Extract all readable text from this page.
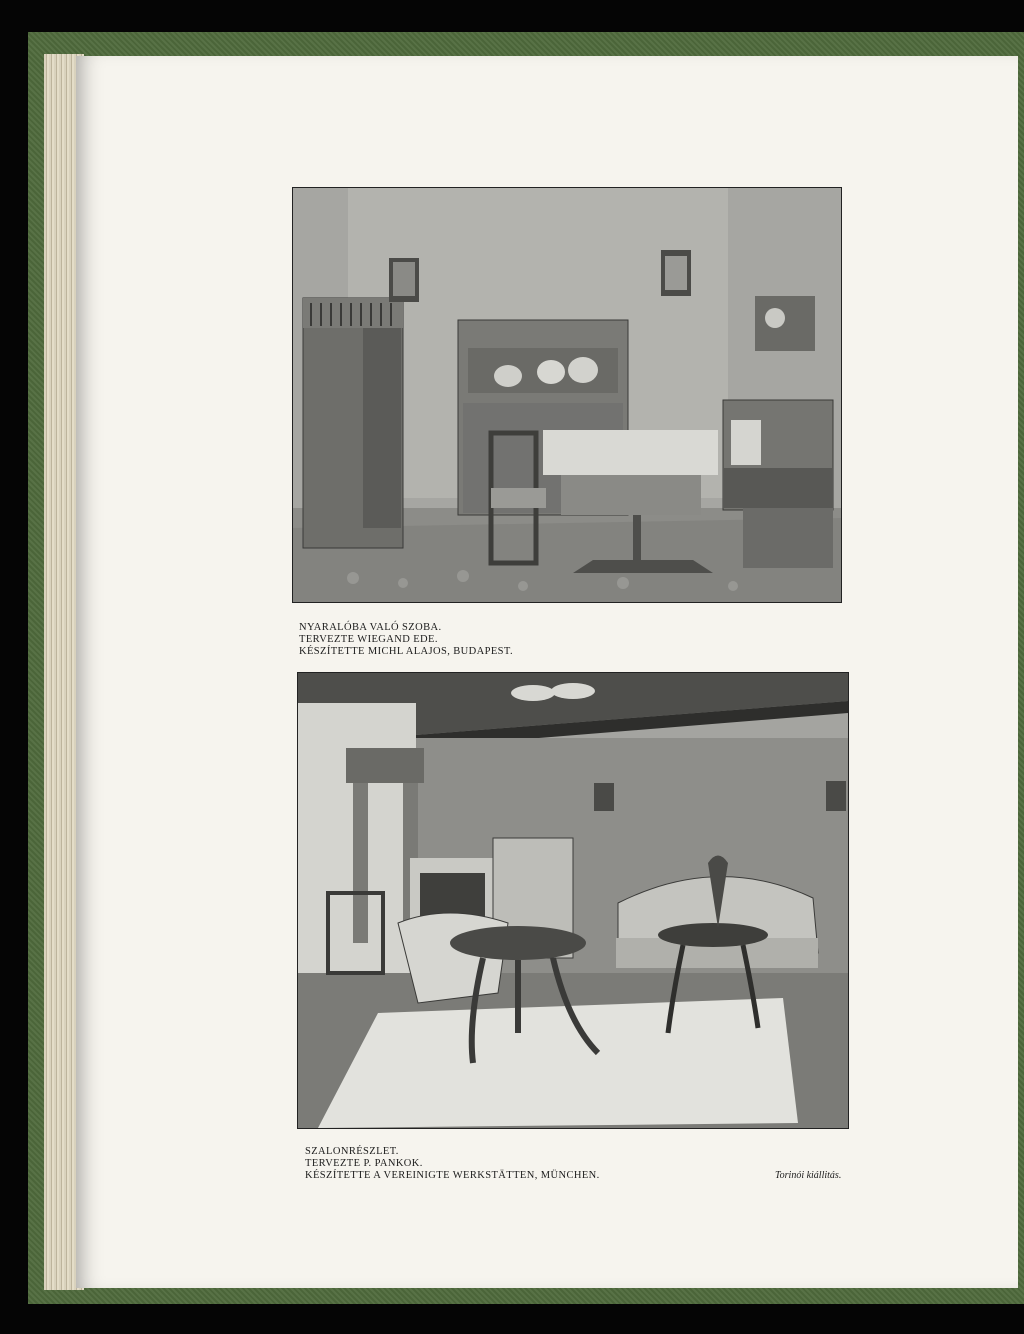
NYARALÓBA VALÓ SZOBA.
TERVEZTE WIEGAND EDE.
KÉSZÍTETTE MICHL ALAJOS, BUDAPEST.
SZALONRÉSZLET.
TERVEZTE P. PANKOK.
KÉSZÍTETTE A VEREINIGTE WERKSTÄTTEN, MÜNCHEN.	Torinói kiállitás.
